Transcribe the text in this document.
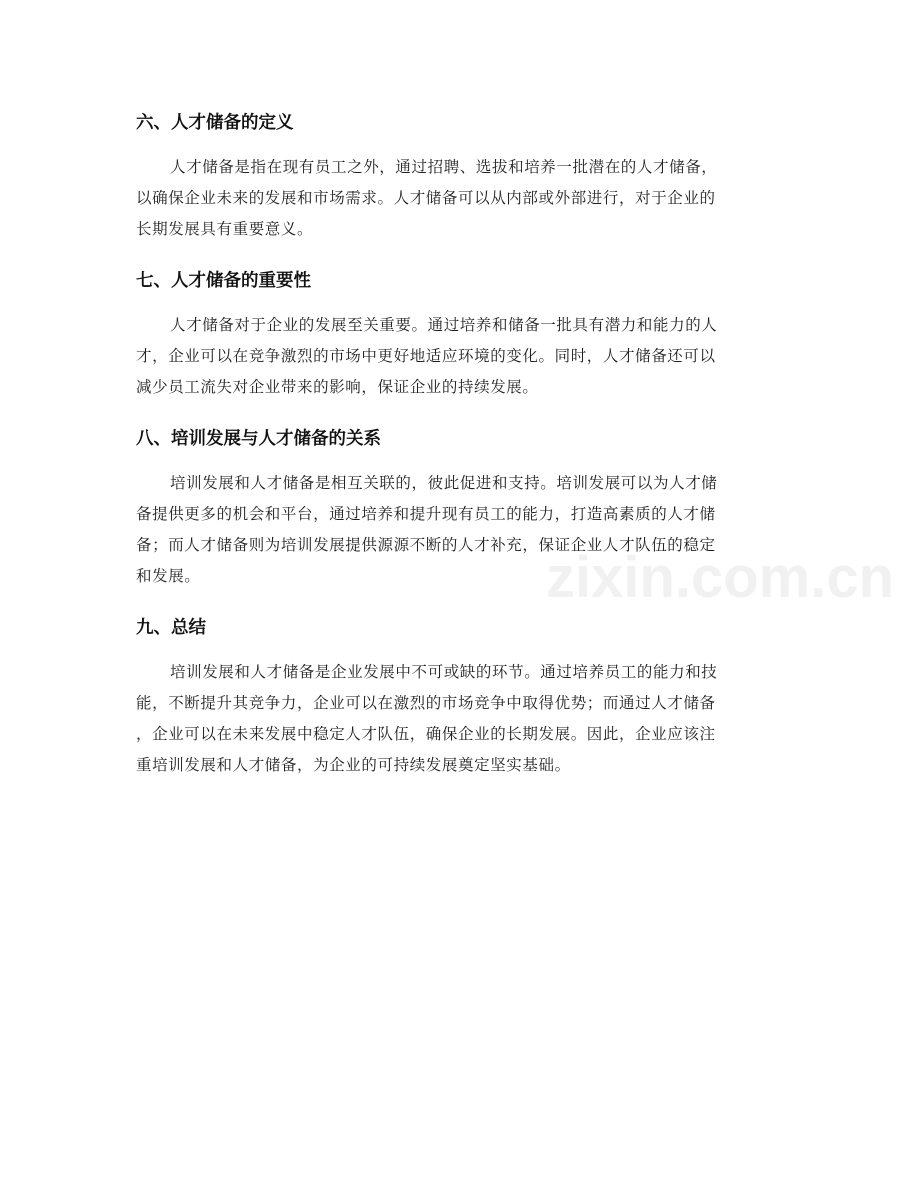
六、人才储备的定义

人才储备是指在现有员工之外，通过招聘、选拔和培养一批潜在的人才储备，
以确保企业未来的发展和市场需求。人才储备可以从内部或外部进行，对于企业的
长期发展具有重要意义。

七、人才储备的重要性

人才储备对于企业的发展至关重要。通过培养和储备一批具有潜力和能力的人
才，企业可以在竞争激烈的市场中更好地适应环境的变化。同时，人才储备还可以
减少员工流失对企业带来的影响，保证企业的持续发展。

八、培训发展与人才储备的关系

培训发展和人才储备是相互关联的，彼此促进和支持。培训发展可以为人才储
备提供更多的机会和平台，通过培养和提升现有员工的能力，打造高素质的人才储
备；而人才储备则为培训发展提供源源不断的人才补充，保证企业人才队伍的稳定
和发展。

九、总结

培训发展和人才储备是企业发展中不可或缺的环节。通过培养员工的能力和技
能，不断提升其竞争力，企业可以在激烈的市场竞争中取得优势；而通过人才储备
，企业可以在未来发展中稳定人才队伍，确保企业的长期发展。因此，企业应该注
重培训发展和人才储备，为企业的可持续发展奠定坚实基础。

zixin.com.cn
